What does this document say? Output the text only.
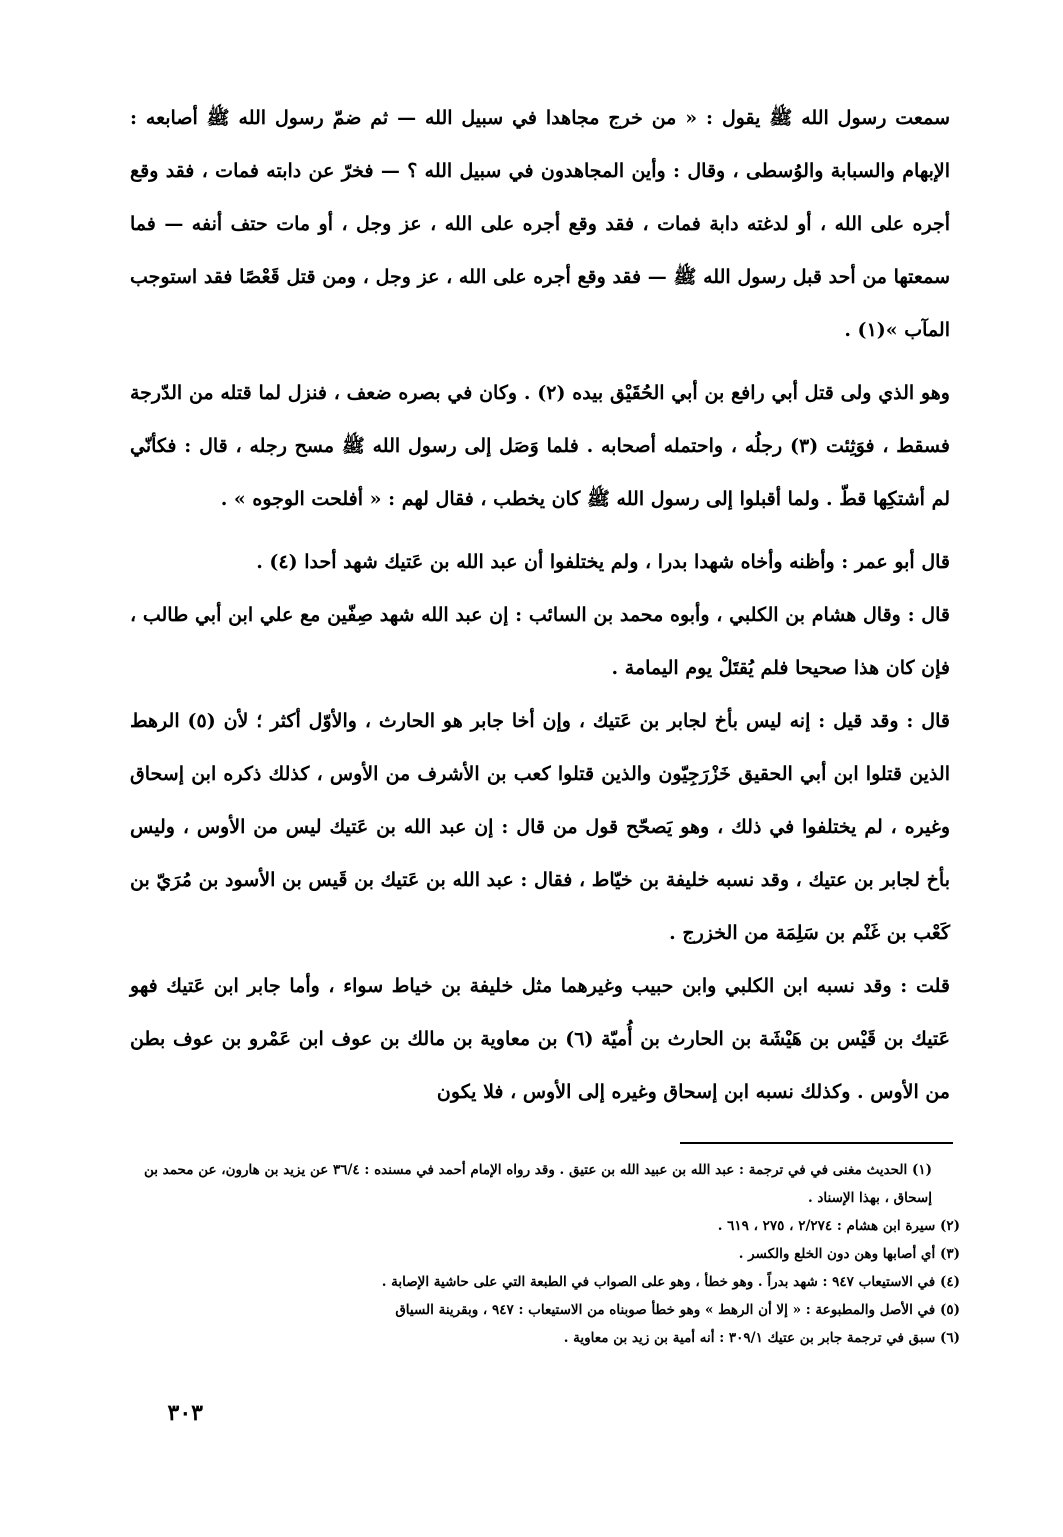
سمعت رسول الله ﷺ يقول : « من خرج مجاهدا في سبيل الله — ثم ضمّ رسول الله ﷺ أصابعه : الإبهام والسبابة والوُسطى ، وقال : وأين المجاهدون في سبيل الله ؟ — فخرّ عن دابته فمات ، فقد وقع أجره على الله ، أو لدغته دابة فمات ، فقد وقع أجره على الله ، عز وجل ، أو مات حتف أنفه — فما سمعتها من أحد قبل رسول الله ﷺ — فقد وقع أجره على الله ، عز وجل ، ومن قتل قَعْصًا فقد استوجب المآب »(١) .

وهو الذي ولى قتل أبي رافع بن أبي الحُقَيْق بيده (٢) . وكان في بصره ضعف ، فنزل لما قتله من الدّرجة فسقط ، فوَثِئت (٣) رجلُه ، واحتمله أصحابه . فلما وَصَل إلى رسول الله ﷺ مسح رجله ، قال : فكأنّي لم أشتكِها قطّ . ولما أقبلوا إلى رسول الله ﷺ كان يخطب ، فقال لهم : « أفلحت الوجوه » .

قال أبو عمر : وأظنه وأخاه شهدا بدرا ، ولم يختلفوا أن عبد الله بن عَتيك شهد أحدا (٤) .

قال : وقال هشام بن الكلبي ، وأبوه محمد بن السائب : إن عبد الله شهد صِفّين مع علي ابن أبي طالب ، فإن كان هذا صحيحا فلم يُقتَلْ يوم اليمامة .

قال : وقد قيل : إنه ليس بأخ لجابر بن عَتيك ، وإن أخا جابر هو الحارث ، والأوّل أكثر ؛ لأن (٥) الرهط الذين قتلوا ابن أبي الحقيق خَزْرَجِيّون والذين قتلوا كعب بن الأشرف من الأوس ، كذلك ذكره ابن إسحاق وغيره ، لم يختلفوا في ذلك ، وهو يَصحّح قول من قال : إن عبد الله بن عَتيك ليس من الأوس ، وليس بأخ لجابر بن عتيك ، وقد نسبه خليفة بن خيّاط ، فقال : عبد الله بن عَتيك بن قَيس بن الأسود بن مُرَيّ بن كَعْب بن غَنْم بن سَلِمَة من الخزرج .

قلت : وقد نسبه ابن الكلبي وابن حبيب وغيرهما مثل خليفة بن خياط سواء ، وأما جابر ابن عَتيك فهو عَتيك بن قَيْس بن هَيْشَة بن الحارث بن أُميّة (٦) بن معاوية بن مالك بن عوف ابن عَمْرو بن عوف بطن من الأوس . وكذلك نسبه ابن إسحاق وغيره إلى الأوس ، فلا يكون

(١) الحديث مغنى في في ترجمة : عبد الله بن عبيد الله بن عتيق . وقد رواه الإمام أحمد في مسنده : ٣٦/٤ عن يزيد بن هارون، عن محمد بن إسحاق ، بهذا الإسناد .
(٢) سيرة ابن هشام : ٢/٢٧٤ ، ٢٧٥ ، ٦١٩ .
(٣) أي أصابها وهن دون الخلع والكسر .
(٤) في الاستيعاب ٩٤٧ : شهد بدراً . وهو خطأ ، وهو على الصواب في الطبعة التي على حاشية الإصابة .
(٥) في الأصل والمطبوعة : « إلا أن الرهط » وهو خطأ صوبناه من الاستيعاب : ٩٤٧ ، وبقرينة السياق
(٦) سبق في ترجمة جابر بن عتيك ٣٠٩/١ : أنه أمية بن زيد بن معاوية .
٣٠٣
